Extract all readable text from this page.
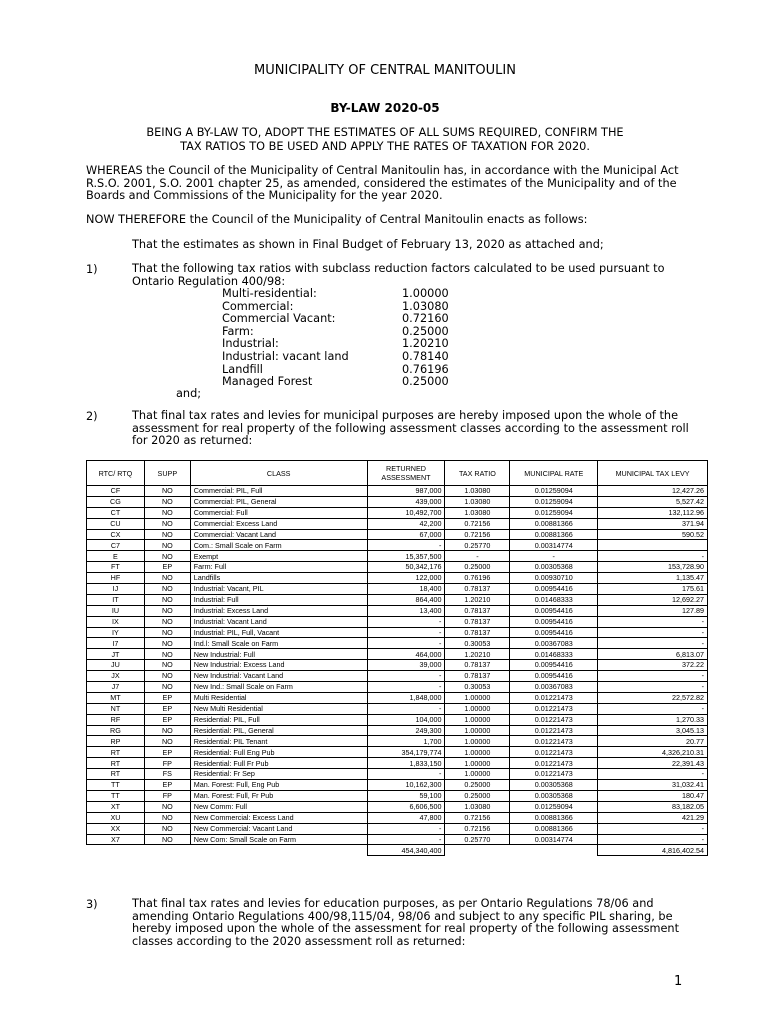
MUNICIPALITY OF CENTRAL MANITOULIN
BY-LAW 2020-05
BEING A BY-LAW TO, ADOPT THE ESTIMATES OF ALL SUMS REQUIRED, CONFIRM THE
TAX RATIOS TO BE USED AND APPLY THE RATES OF TAXATION FOR 2020.
WHEREAS the Council of the Municipality of Central Manitoulin has, in accordance with the Municipal Act R.S.O. 2001, S.O. 2001 chapter 25, as amended, considered the estimates of the Municipality and of the Boards and Commissions of the Municipality for the year 2020.
NOW THEREFORE the Council of the Municipality of Central Manitoulin enacts as follows:
That the estimates as shown in Final Budget of February 13, 2020 as attached and;
1)	That the following tax ratios with subclass reduction factors calculated to be used pursuant to Ontario Regulation 400/98:
Multi-residential:	1.00000
Commercial:	1.03080
Commercial Vacant:	0.72160
Farm:	0.25000
Industrial:	1.20210
Industrial: vacant land	0.78140
Landfill	0.76196
Managed Forest	0.25000
and;
2)	That final tax rates and levies for municipal purposes are hereby imposed upon the whole of the assessment for real property of the following assessment classes according to the assessment roll for 2020 as returned:
RTC/ RTQ	SUPP	CLASS	RETURNED ASSESSMENT	TAX RATIO	MUNICIPAL RATE	MUNICIPAL TAX LEVY
CF	NO	Commercial: PIL, Full	987,000	1.03080	0.01259094	12,427.26
CG	NO	Commercial: PIL, General	439,000	1.03080	0.01259094	5,527.42
CT	NO	Commercial: Full	10,492,700	1.03080	0.01259094	132,112.96
CU	NO	Commercial: Excess Land	42,200	0.72156	0.00881366	371.94
CX	NO	Commercial: Vacant Land	67,000	0.72156	0.00881366	590.52
C7	NO	Com.: Small Scale on Farm	-	0.25770	0.00314774	
E	NO	Exempt	15,357,500	-	-	-
FT	EP	Farm: Full	50,342,176	0.25000	0.00305368	153,728.90
HF	NO	Landfills	122,000	0.76196	0.00930710	1,135.47
IJ	NO	Industrial: Vacant, PIL	18,400	0.78137	0.00954416	175.61
IT	NO	Industrial: Full	864,400	1.20210	0.01468333	12,692.27
IU	NO	Industrial: Excess Land	13,400	0.78137	0.00954416	127.89
IX	NO	Industrial: Vacant Land	-	0.78137	0.00954416	-
IY	NO	Industrial: PIL, Full, Vacant	-	0.78137	0.00954416	-
I7	NO	Ind.l: Small Scale on Farm	-	0.30053	0.00367083	-
JT	NO	New Industrial: Full	464,000	1.20210	0.01468333	6,813.07
JU	NO	New Industrial: Excess Land	39,000	0.78137	0.00954416	372.22
JX	NO	New Industrial: Vacant Land	-	0.78137	0.00954416	-
J7	NO	New Ind.: Small Scale on Farm	-	0.30053	0.00367083	-
MT	EP	Multi Residential	1,848,000	1.00000	0.01221473	22,572.82
NT	EP	New Multi Residential	-	1.00000	0.01221473	-
RF	EP	Residential: PIL, Full	104,000	1.00000	0.01221473	1,270.33
RG	NO	Residential: PIL, General	249,300	1.00000	0.01221473	3,045.13
RP	NO	Residential: PIL Tenant	1,700	1.00000	0.01221473	20.77
RT	EP	Residential: Full Eng Pub	354,179,774	1.00000	0.01221473	4,326,210.31
RT	FP	Residential: Full Fr Pub	1,833,150	1.00000	0.01221473	22,391.43
RT	FS	Residential: Fr Sep	-	1.00000	0.01221473	-
TT	EP	Man. Forest: Full, Eng Pub	10,162,300	0.25000	0.00305368	31,032.41
TT	FP	Man. Forest: Full, Fr Pub	59,100	0.25000	0.00305368	180.47
XT	NO	New Comm: Full	6,606,500	1.03080	0.01259094	83,182.05
XU	NO	New Commercial: Excess Land	47,800	0.72156	0.00881366	421.29
XX	NO	New Commercial: Vacant Land	-	0.72156	0.00881366	-
X7	NO	New Com: Small Scale on Farm	-	0.25770	0.00314774	-
			454,340,400			4,816,402.54
3)	That final tax rates and levies for education purposes, as per Ontario Regulations 78/06 and amending Ontario Regulations 400/98,115/04, 98/06 and subject to any specific PIL sharing, be hereby imposed upon the whole of the assessment for real property of the following assessment classes according to the 2020 assessment roll as returned:
1
